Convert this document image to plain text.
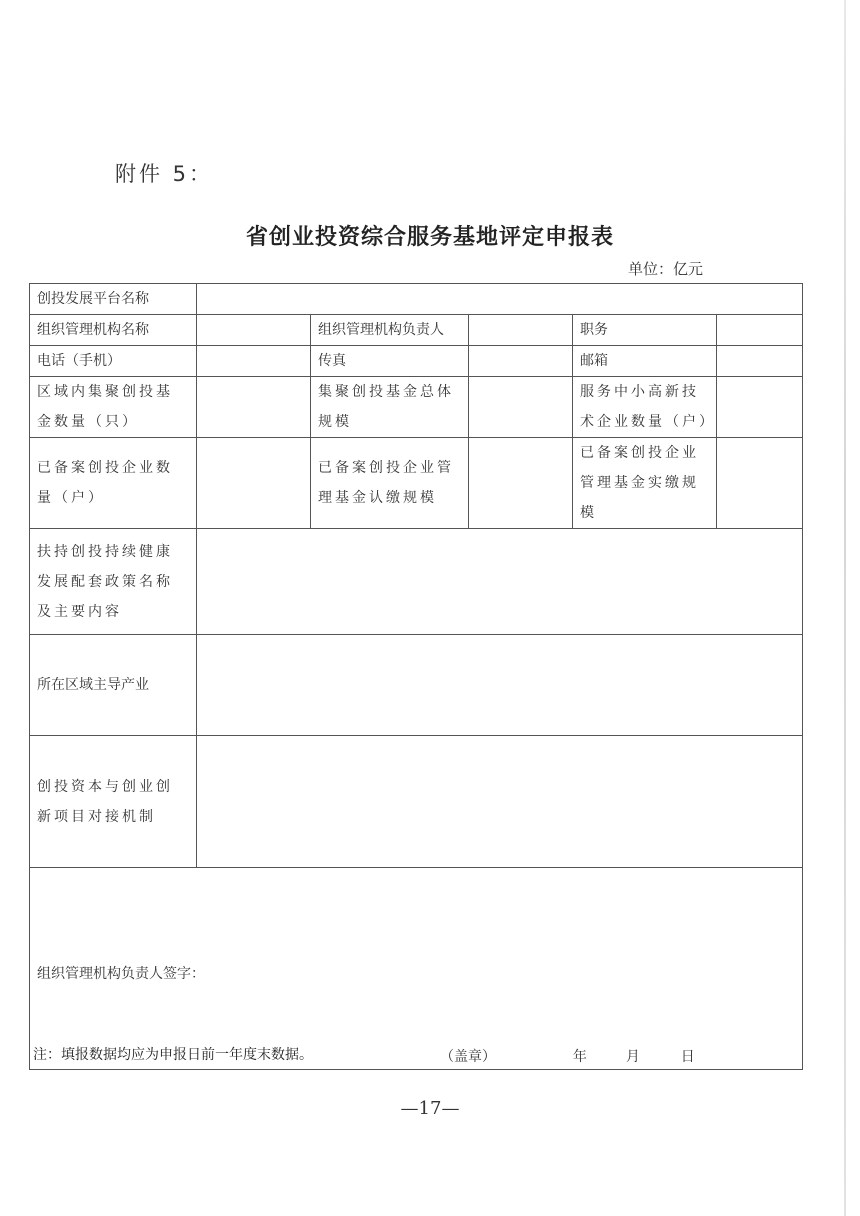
附件 5：
省创业投资综合服务基地评定申报表
单位：亿元
创投发展平台名称					
组织管理机构名称		组织管理机构负责人		职务	
电话（手机）		传真		邮箱	
区域内集聚创投基金数量（只）		集聚创投基金总体规模		服务中小高新技术企业数量（户）	
已备案创投企业数量（户）		已备案创投企业管理基金认缴规模		已备案创投企业管理基金实缴规模	
扶持创投持续健康发展配套政策名称及主要内容					
所在区域主导产业					
创投资本与创业创新项目对接机制					

组织管理机构负责人签字：
（盖章） 年 月 日					
注：填报数据均应为申报日前一年度末数据。
—17—
